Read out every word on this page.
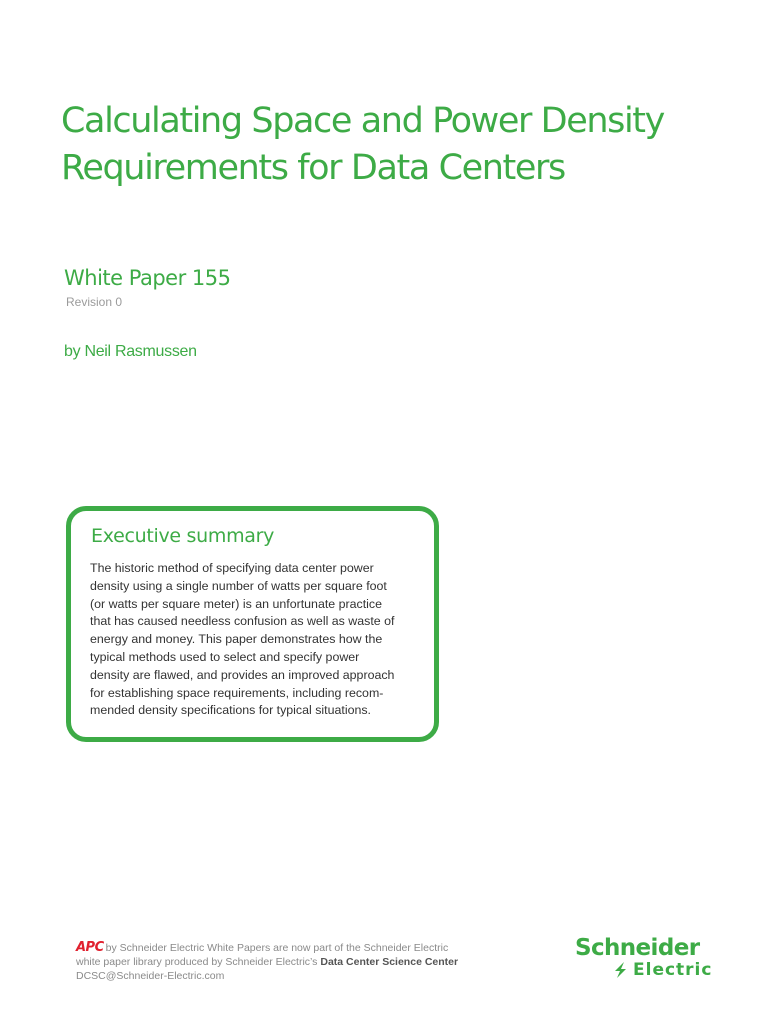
Calculating Space and Power Density
Requirements for Data Centers
White Paper 155
Revision 0
by Neil Rasmussen
Executive summary
The historic method of specifying data center power
density using a single number of watts per square foot
(or watts per square meter) is an unfortunate practice
that has caused needless confusion as well as waste of
energy and money. This paper demonstrates how the
typical methods used to select and specify power
density are flawed, and provides an improved approach
for establishing space requirements, including recom-
mended density specifications for typical situations.
APC by Schneider Electric White Papers are now part of the Schneider Electric
white paper library produced by Schneider Electric’s Data Center Science Center
DCSC@Schneider-Electric.com
Schneider
Electric
